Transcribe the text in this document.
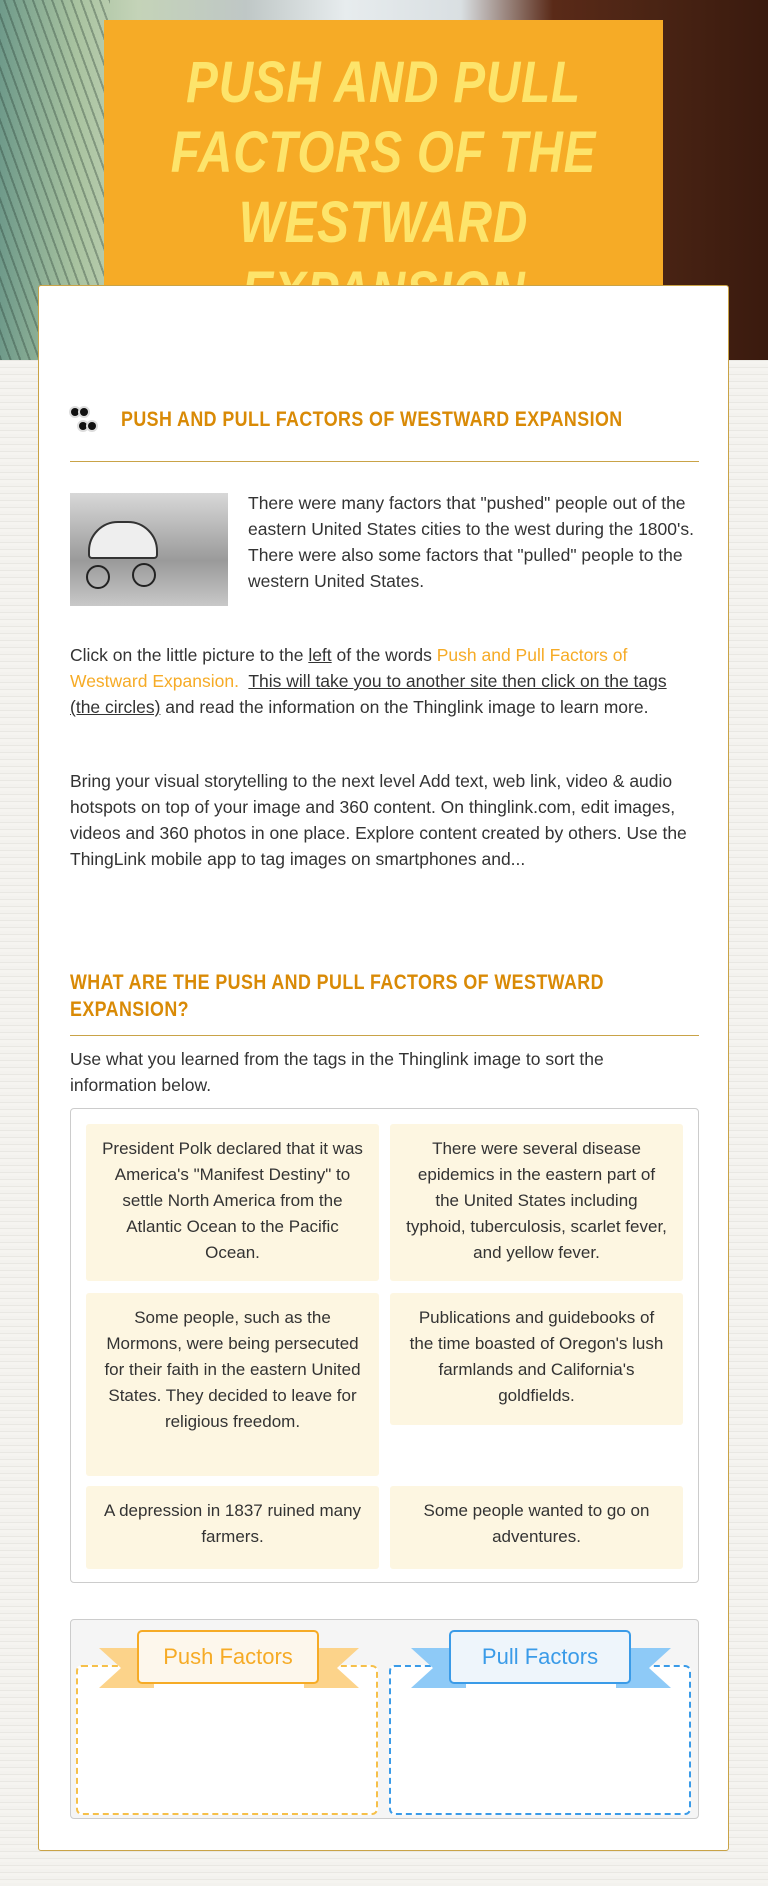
PUSH AND PULL FACTORS OF THE WESTWARD
PUSH AND PULL FACTORS OF WESTWARD EXPANSION
There were many factors that "pushed" people out of the eastern United States cities to the west during the 1800's. There were also some factors that "pulled" people to the western United States.
Click on the little picture to the left of the words Push and Pull Factors of Westward Expansion. This will take you to another site then click on the tags (the circles) and read the information on the Thinglink image to learn more.
Bring your visual storytelling to the next level Add text, web link, video & audio hotspots on top of your image and 360 content. On thinglink.com, edit images, videos and 360 photos in one place. Explore content created by others. Use the ThingLink mobile app to tag images on smartphones and...
WHAT ARE THE PUSH AND PULL FACTORS OF WESTWARD EXPANSION?
Use what you learned from the tags in the Thinglink image to sort the information below.
President Polk declared that it was America's "Manifest Destiny" to settle North America from the Atlantic Ocean to the Pacific Ocean.
There were several disease epidemics in the eastern part of the United States including typhoid, tuberculosis, scarlet fever, and yellow fever.
Some people, such as the Mormons, were being persecuted for their faith in the eastern United States. They decided to leave for religious freedom.
Publications and guidebooks of the time boasted of Oregon's lush farmlands and California's goldfields.
A depression in 1837 ruined many farmers.
Some people wanted to go on adventures.
Push Factors	Pull Factors
